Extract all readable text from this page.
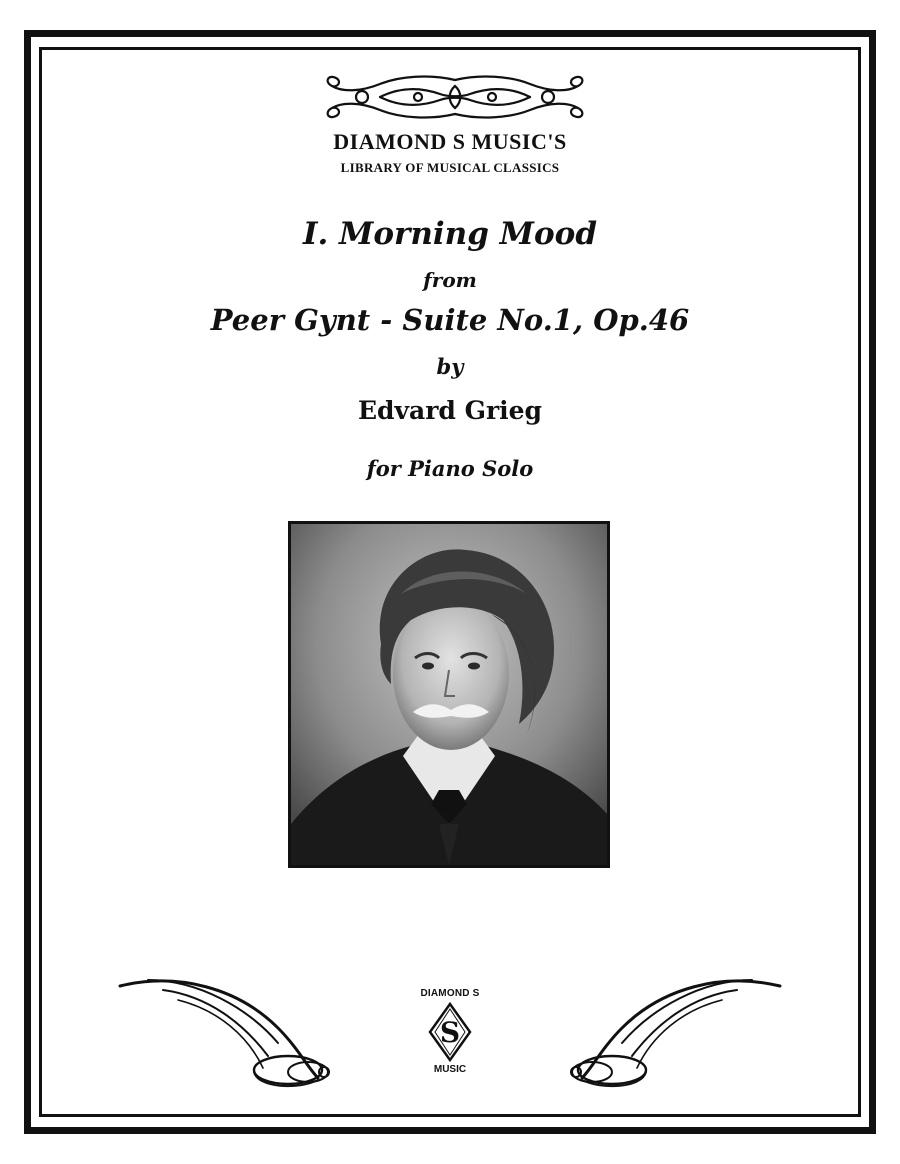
DIAMOND S MUSIC'S
LIBRARY OF MUSICAL CLASSICS
I. Morning Mood
from
Peer Gynt - Suite No.1, Op.46
by
Edvard Grieg
for Piano Solo
DIAMOND S
S
MUSIC
